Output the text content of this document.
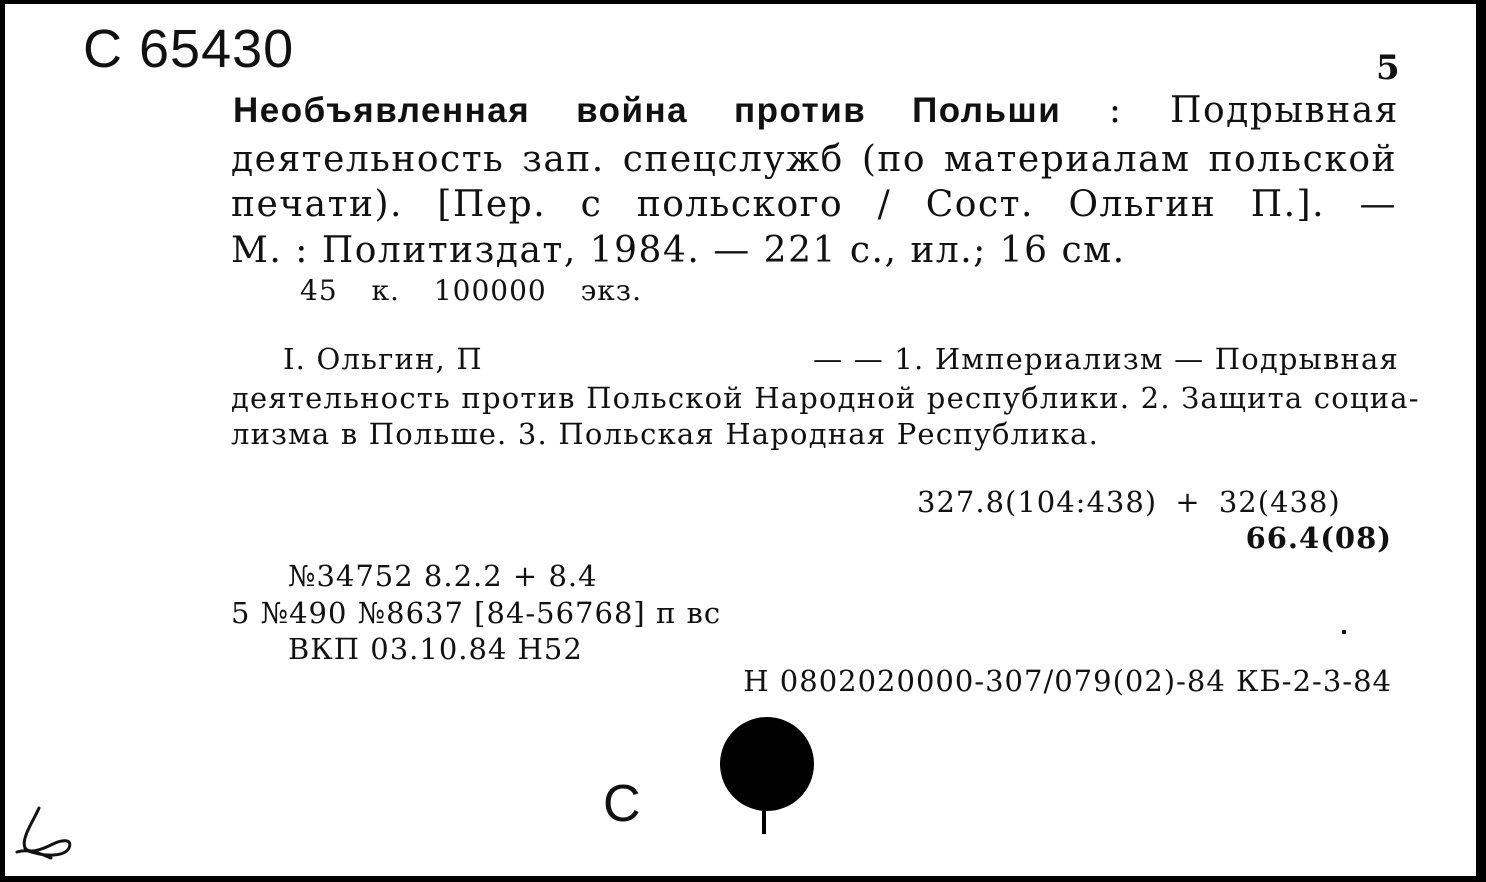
С 65430	5
Необъявленная война против Польши : Подрывная
деятельность зап. спецслужб (по материалам польской
печати). [Пер. с польского / Сост. Ольгин П.]. —
М. : Политиздат, 1984. — 221 с., ил.; 16 см.
45 к. 100000 экз.
I. Ольгин, П	— — 1. Империализм — Подрывная
деятельность против Польской Народной республики. 2. Защита социа-
лизма в Польше. 3. Польская Народная Республика.
327.8(104:438) + 32(438)
66.4(08)
№34752 8.2.2 + 8.4
5 №490 №8637 [84-56768] п вс
ВКП 03.10.84 Н52
Н 0802020000-307/079(02)-84 КБ-2-3-84
С
